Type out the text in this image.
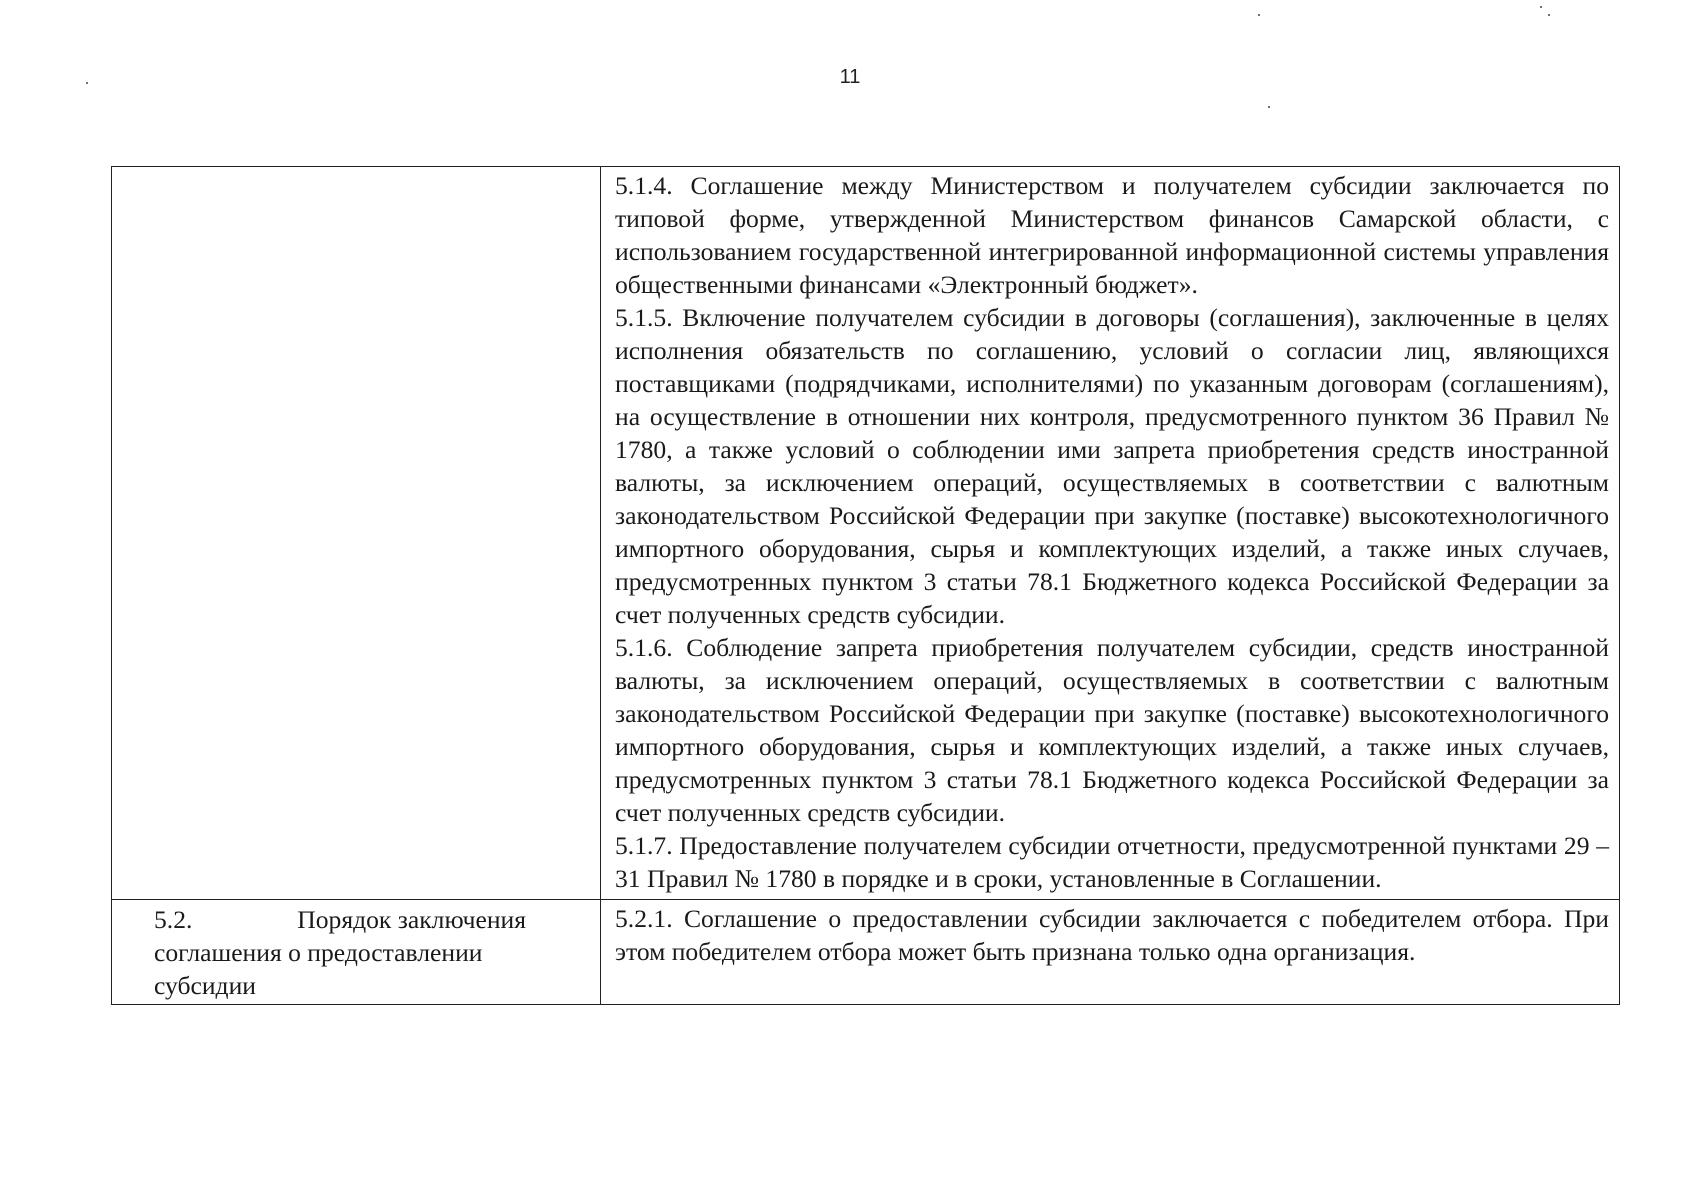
11

	5.1.4. Соглашение между Министерством и получателем субсидии заключается по типовой форме, утвержденной Министерством финансов Самарской области, с использованием государственной интегрированной информационной системы управления общественными финансами «Электронный бюджет».

5.1.5. Включение получателем субсидии в договоры (соглашения), заключенные в целях исполнения обязательств по соглашению, условий о согласии лиц, являющихся поставщиками (подрядчиками, исполнителями) по указанным договорам (соглашениям), на осуществление в отношении них контроля, предусмотренного пунктом 36 Правил № 1780, а также условий о соблюдении ими запрета приобретения средств иностранной валюты, за исключением операций, осуществляемых в соответствии с валютным законодательством Российской Федерации при закупке (поставке) высокотехнологичного импортного оборудования, сырья и комплектующих изделий, а также иных случаев, предусмотренных пунктом 3 статьи 78.1 Бюджетного кодекса Российской Федерации за счет полученных средств субсидии.

5.1.6. Соблюдение запрета приобретения получателем субсидии, средств иностранной валюты, за исключением операций, осуществляемых в соответствии с валютным законодательством Российской Федерации при закупке (поставке) высокотехнологичного импортного оборудования, сырья и комплектующих изделий, а также иных случаев, предусмотренных пунктом 3 статьи 78.1 Бюджетного кодекса Российской Федерации за счет полученных средств субсидии.

5.1.7. Предоставление получателем субсидии отчетности, предусмотренной пунктами 29 – 31 Правил № 1780 в порядке и в сроки, установленные в Соглашении.

5.2. Порядок заключения
соглашения о предоставлении
субсидии	5.2.1. Соглашение о предоставлении субсидии заключается с победителем отбора. При этом победителем отбора может быть признана только одна организация.
